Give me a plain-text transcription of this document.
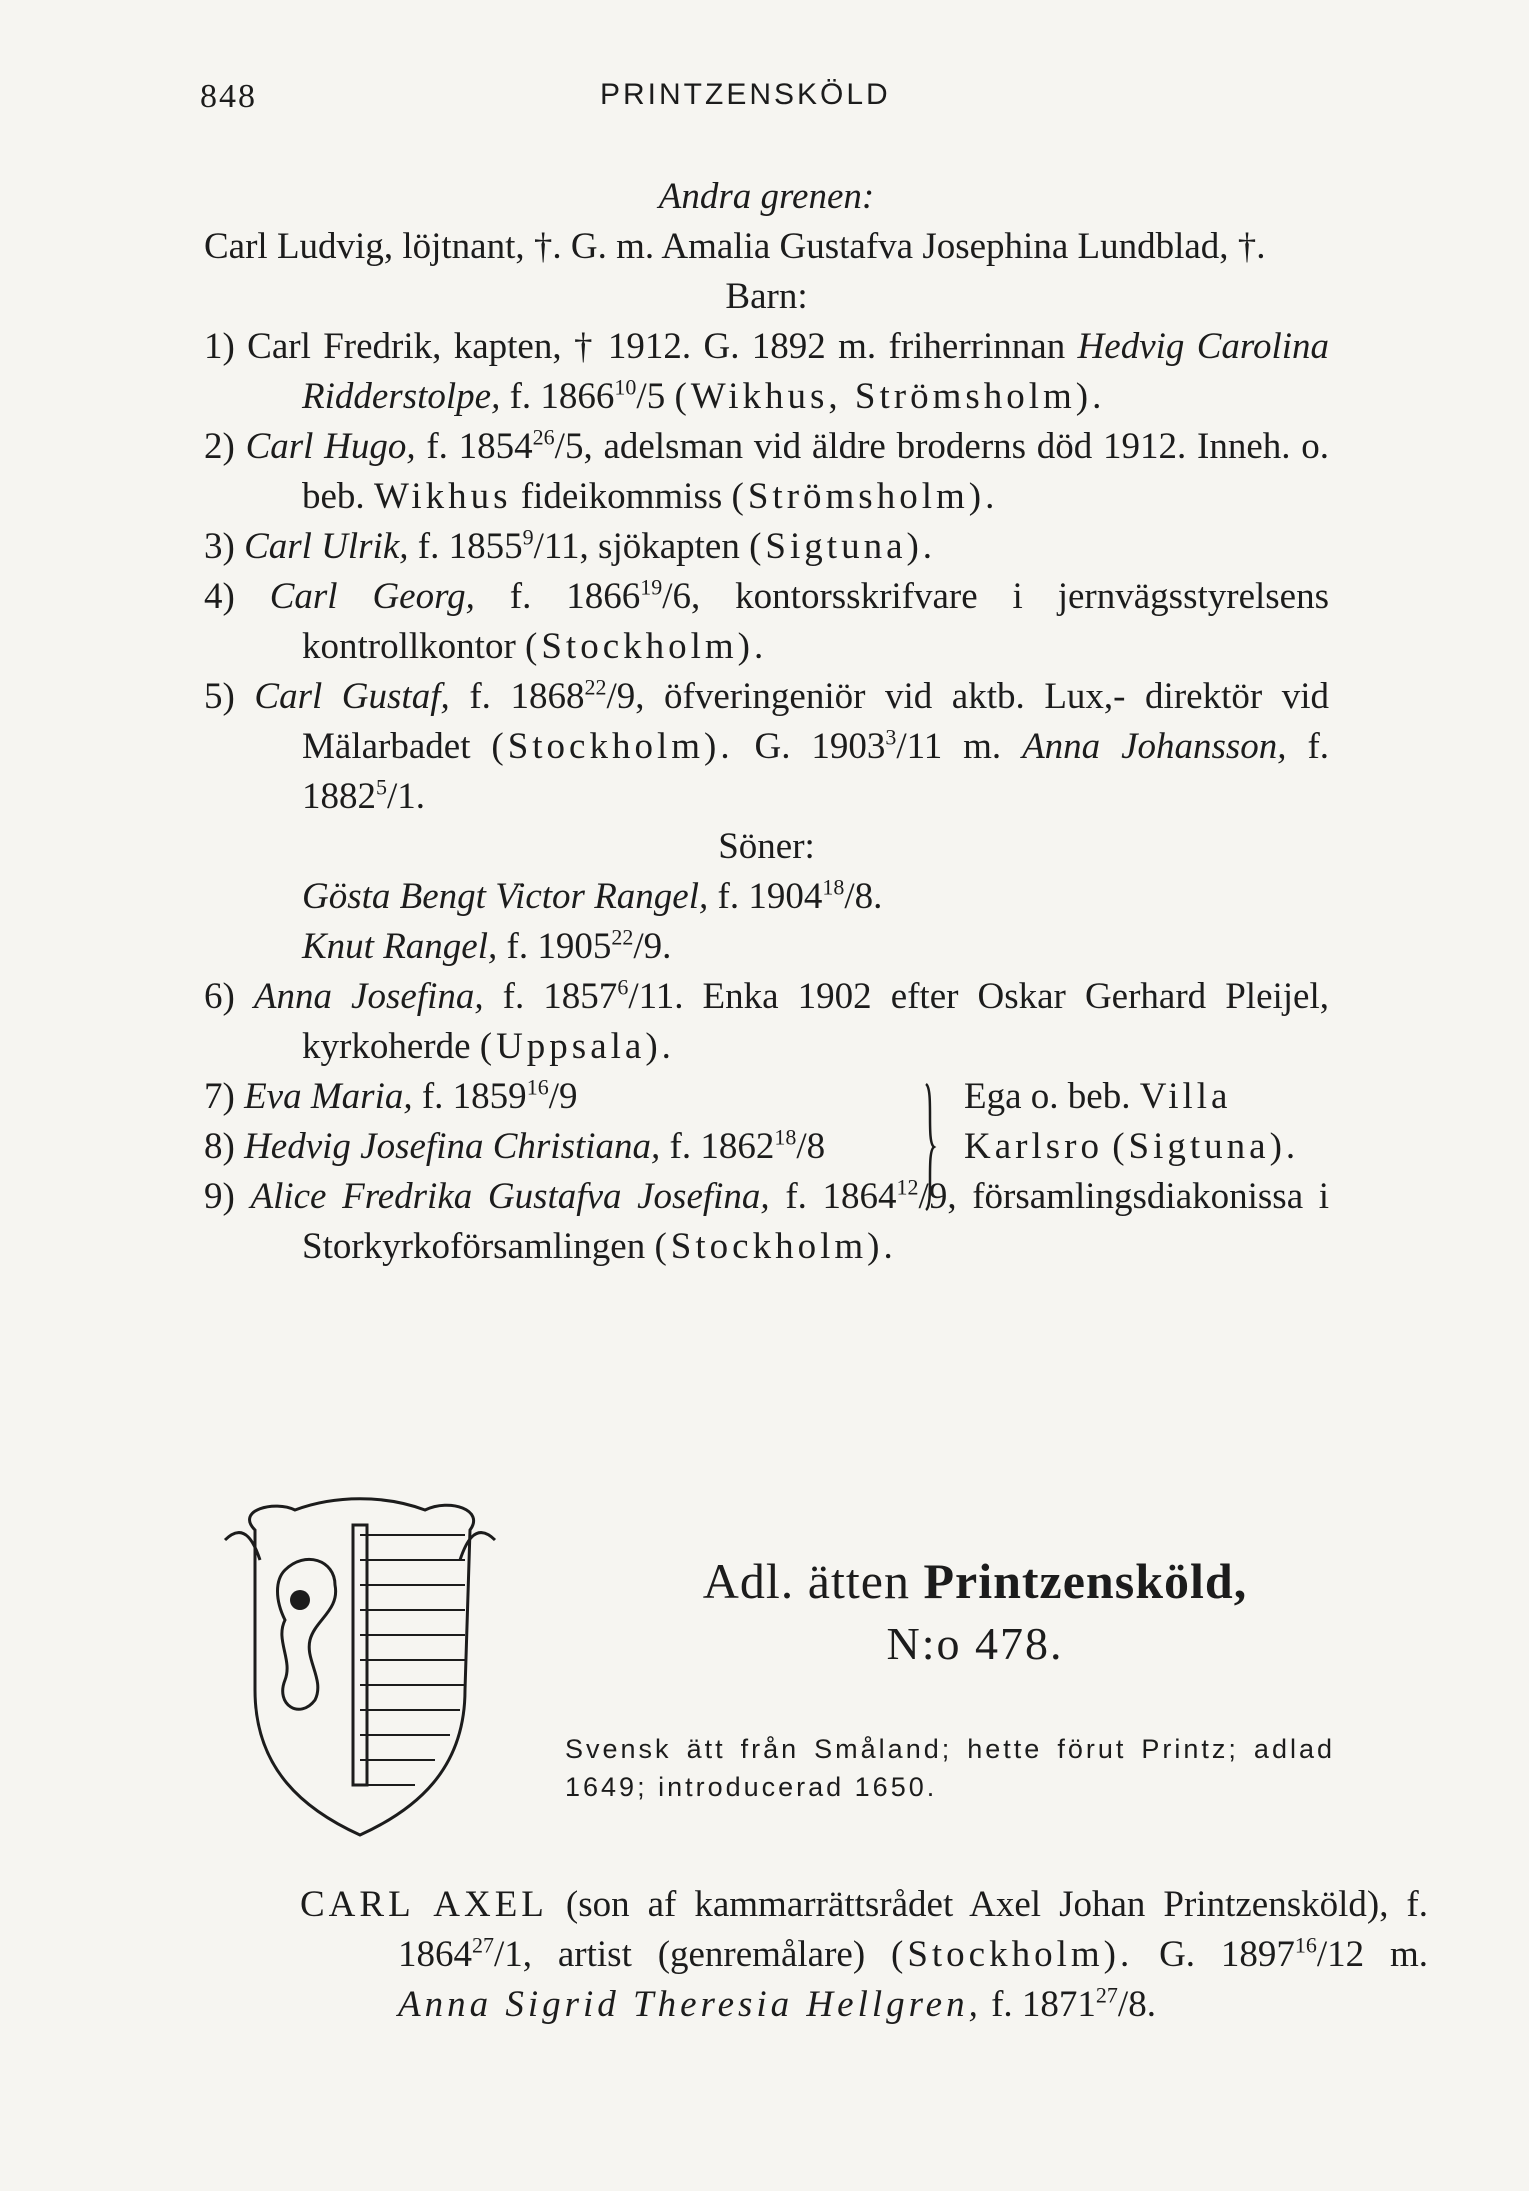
848	PRINTZENSKÖLD
Andra grenen:
Carl Ludvig, löjtnant, †. G. m. Amalia Gustafva Josephina Lundblad, †.
Barn:
1) Carl Fredrik, kapten, † 1912. G. 1892 m. friherrinnan Hedvig Carolina Ridderstolpe, f. 1866$^{10}$/5 (Wikhus, Strömsholm).
2) Carl Hugo, f. 1854$^{26}$/5, adelsman vid äldre broderns död 1912. Inneh. o. beb. Wikhus fideikommiss (Strömsholm).
3) Carl Ulrik, f. 1855$^9$/11, sjökapten (Sigtuna).
4) Carl Georg, f. 1866$^{19}$/6, kontorsskrifvare i jernvägsstyrelsens kontrollkontor (Stockholm).
5) Carl Gustaf, f. 1868$^{22}$/9, öfveringeniör vid aktb. Lux,- direktör vid Mälarbadet (Stockholm). G. 1903$^3$/11 m. Anna Johansson, f. 1882$^5$/1.
Söner:
Gösta Bengt Victor Rangel, f. 1904$^{18}$/8.
Knut Rangel, f. 1905$^{22}$/9.
6) Anna Josefina, f. 1857$^6$/11. Enka 1902 efter Oskar Gerhard Pleijel, kyrkoherde (Uppsala).
7) Eva Maria, f. 1859$^{16}$/9
8) Hedvig Josefina Christiana, f. 1862$^{18}$/8
Ega o. beb. Villa Karlsro (Sigtuna).
9) Alice Fredrika Gustafva Josefina, f. 1864$^{12}$/9, församlingsdiakonissa i Storkyrkoförsamlingen (Stockholm).
Adl. ätten Printzensköld,
N:o 478.
Svensk ätt från Småland; hette förut Printz; adlad 1649; introducerad 1650.
CARL AXEL (son af kammarrättsrådet Axel Johan Printzensköld), f. 1864$^{27}$/1, artist (genremålare) (Stockholm). G. 1897$^{16}$/12 m. Anna Sigrid Theresia Hellgren, f. 1871$^{27}$/8.
